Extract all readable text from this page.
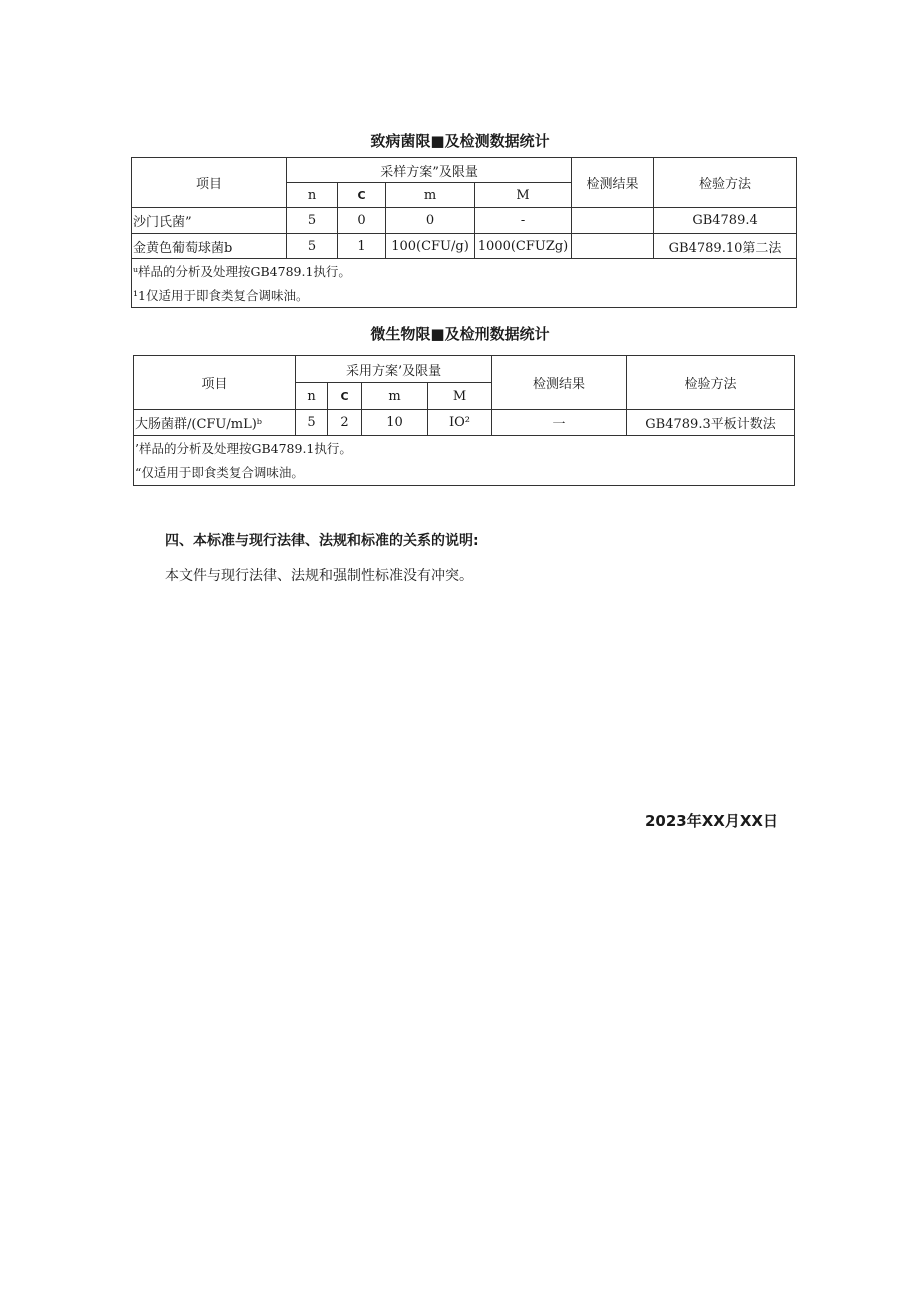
致病菌限■及检测数据统计
项目	采样方案”及限量				检测结果	检验方法
	n	C	m	M		
沙门氏菌”	5	0	0	-		GB4789.4
金黄色葡萄球菌b	5	1	100(CFU/g)	1000(CFUZg)		GB4789.10第二法
ᵘ样品的分析及处理按GB4789.1执行。						
¹1仅适用于即食类复合调味油。						
微生物限■及检刑数据统计
项目	采用方案’及限量				检测结果	检验方法
	n	C	m	M		
大肠菌群/(CFU/mL)ᵇ	5	2	10	IO²	一	GB4789.3平板计数法
’样品的分析及处理按GB4789.1执行。						
“仅适用于即食类复合调味油。						
四、本标准与现行法律、法规和标准的关系的说明:
本文件与现行法律、法规和强制性标准没有冲突。
2023年XX月XX日
